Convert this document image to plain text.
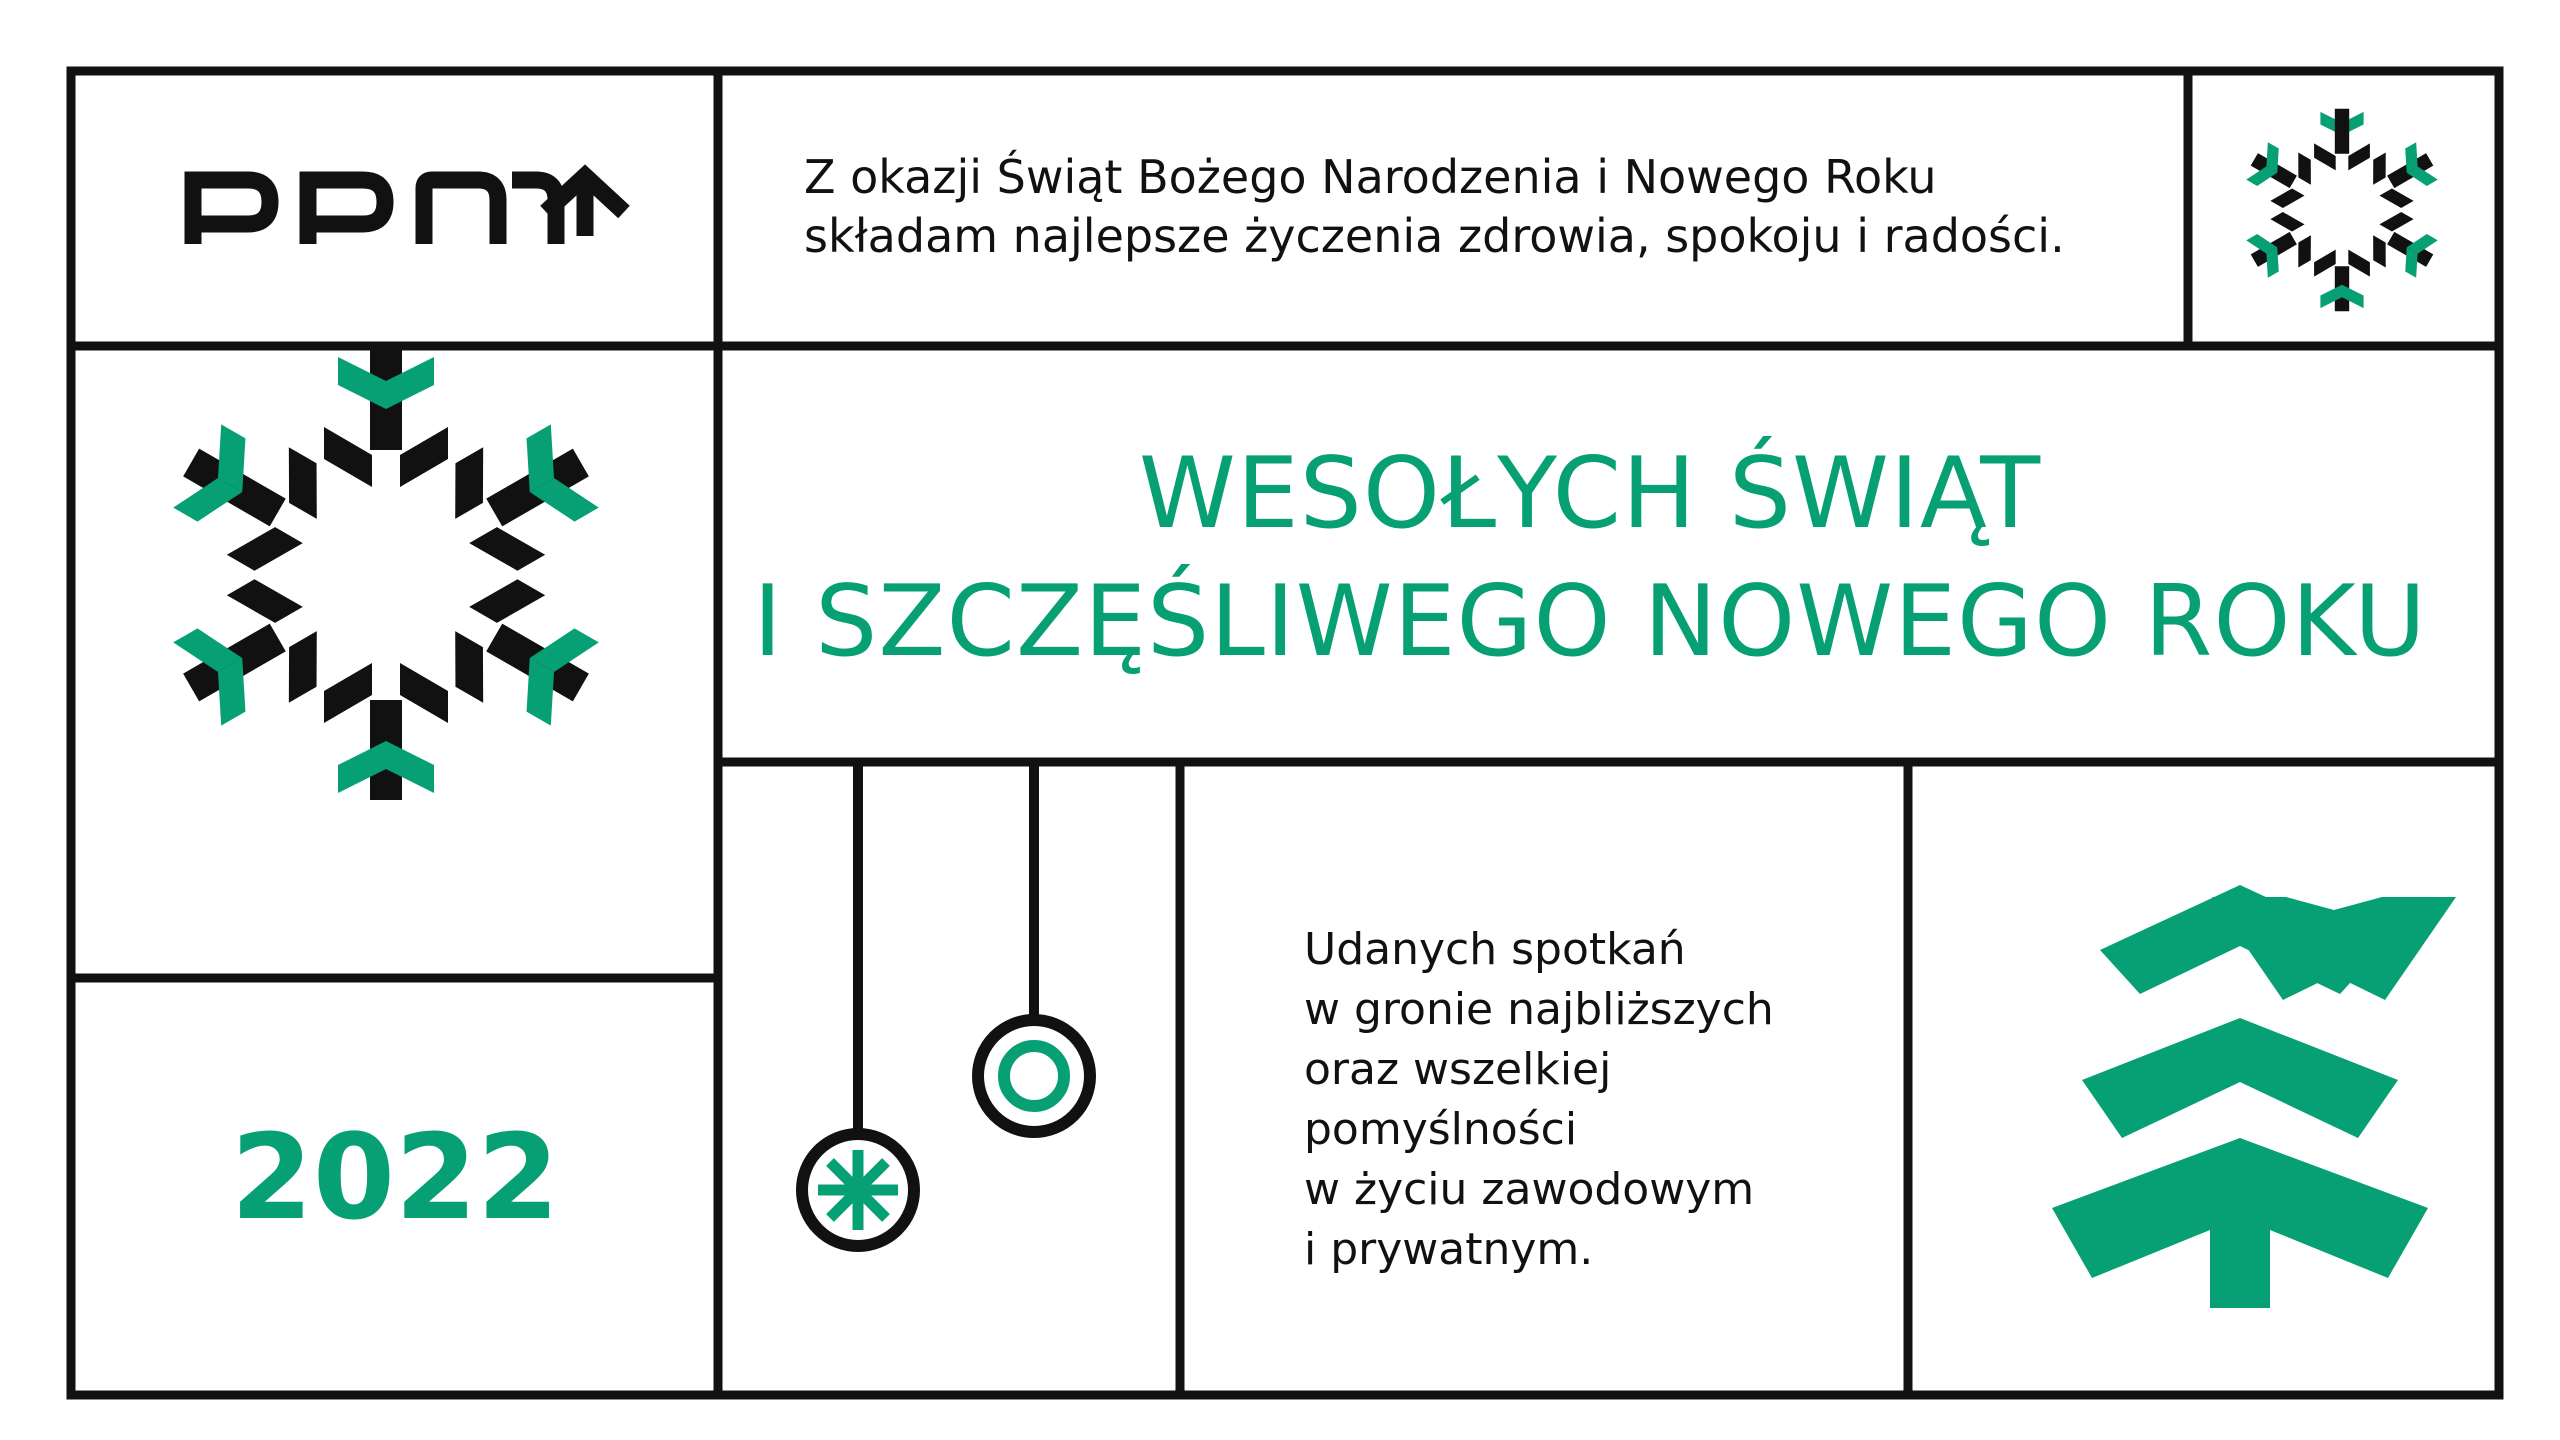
Z okazji Świąt Bożego Narodzenia i Nowego Roku
składam najlepsze życzenia zdrowia, spokoju i radości.
WESOŁYCH ŚWIĄT
I SZCZĘŚLIWEGO NOWEGO ROKU
2022
Udanych spotkań
w gronie najbliższych
oraz wszelkiej
pomyślności
w życiu zawodowym
i prywatnym.
